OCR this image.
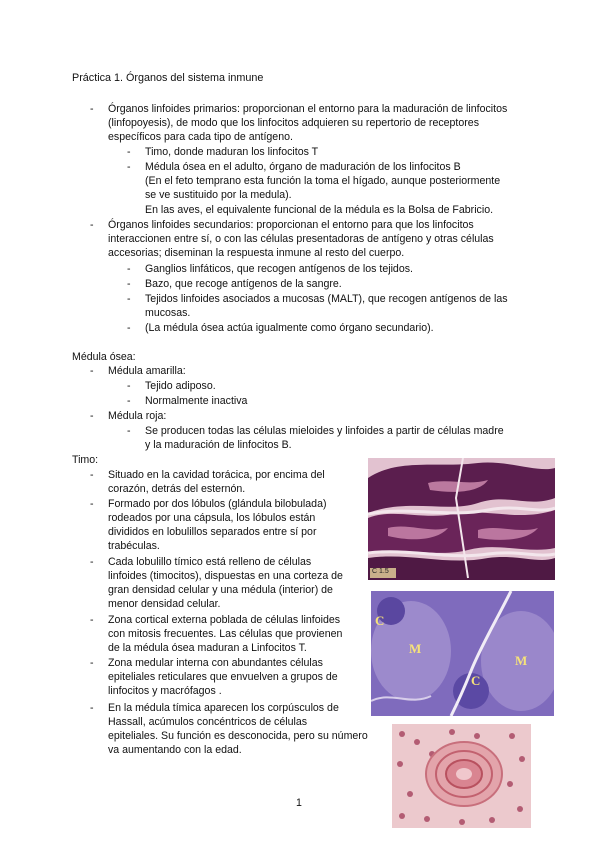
Práctica 1. Órganos del sistema inmune
- Órganos linfoides primarios: proporcionan el entorno para la maduración de linfocitos
(linfopoyesis), de modo que los linfocitos adquieren su repertorio de receptores
específicos para cada tipo de antígeno.
- Timo, donde maduran los linfocitos T
- Médula ósea en el adulto, órgano de maduración de los linfocitos B
(En el feto temprano esta función la toma el hígado, aunque posteriormente
se ve sustituido por la medula).
En las aves, el equivalente funcional de la médula es la Bolsa de Fabricio.
- Órganos linfoides secundarios: proporcionan el entorno para que los linfocitos
interaccionen entre sí, o con las células presentadoras de antígeno y otras células
accesorias; diseminan la respuesta inmune al resto del cuerpo.
- Ganglios linfáticos, que recogen antígenos de los tejidos.
- Bazo, que recoge antígenos de la sangre.
- Tejidos linfoides asociados a mucosas (MALT), que recogen antígenos de las
mucosas.
- (La médula ósea actúa igualmente como órgano secundario).
Médula ósea:
- Médula amarilla:
- Tejido adiposo.
- Normalmente inactiva
- Médula roja:
- Se producen todas las células mieloides y linfoides a partir de células madre
y la maduración de linfocitos B.
Timo:
- Situado en la cavidad torácica, por encima del
corazón, detrás del esternón.
- Formado por dos lóbulos (glándula bilobulada)
rodeados por una cápsula, los lóbulos están
divididos en lobulillos separados entre sí por
trabéculas.
- Cada lobulillo tímico está relleno de células
linfoides (timocitos), dispuestas en una corteza de
gran densidad celular y una médula (interior) de
menor densidad celular.
- Zona cortical externa poblada de células linfoides
con mitosis frecuentes. Las células que provienen
de la médula ósea maduran a Linfocitos T.
- Zona medular interna con abundantes células
epiteliales reticulares que envuelven a grupos de
linfocitos y macrófagos .
- En la médula tímica aparecen los corpúsculos de
Hassall, acúmulos concéntricos de células
epiteliales. Su función es desconocida, pero su número
va aumentando con la edad.
C 1.5
C
M
C
M
1
